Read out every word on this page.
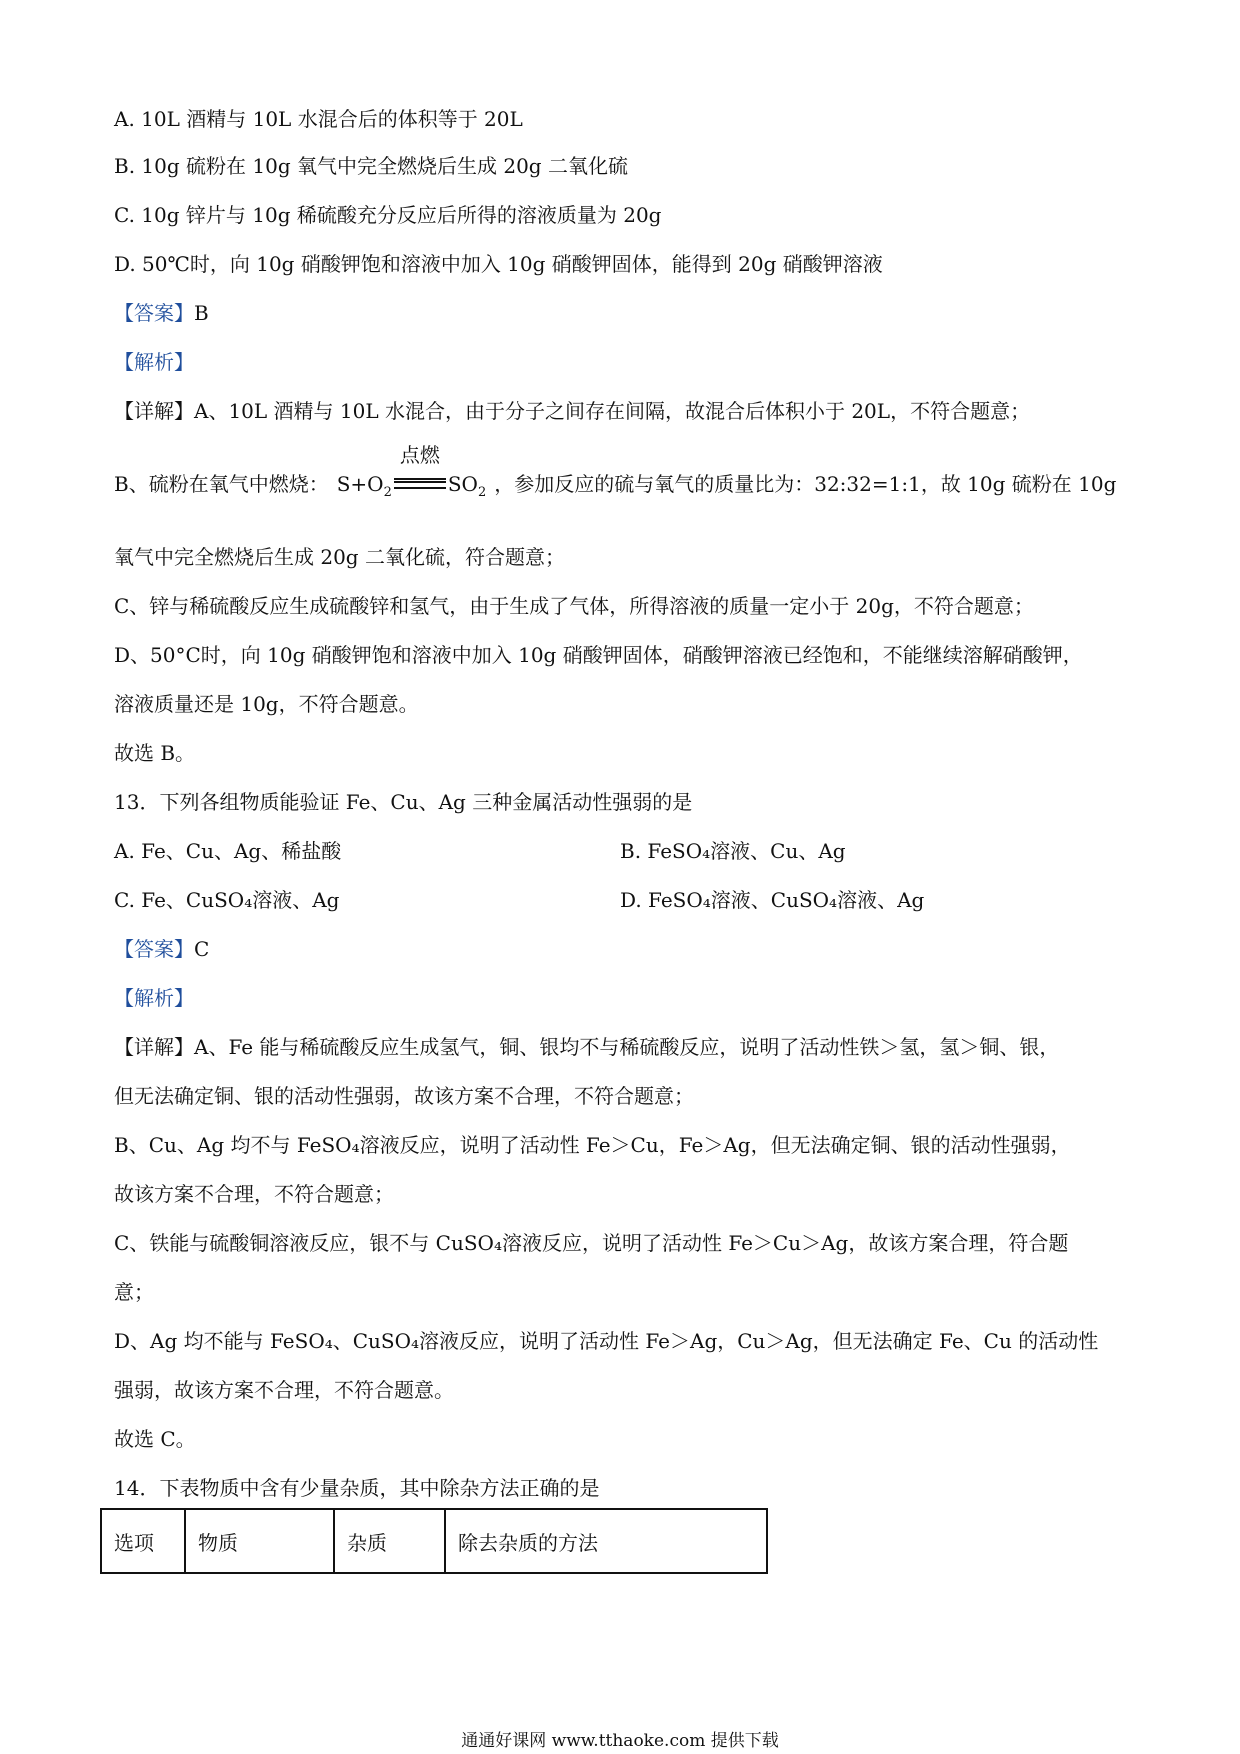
A. 10L 酒精与 10L 水混合后的体积等于 20L
B. 10g 硫粉在 10g 氧气中完全燃烧后生成 20g 二氧化硫
C. 10g 锌片与 10g 稀硫酸充分反应后所得的溶液质量为 20g
D. 50℃时，向 10g 硝酸钾饱和溶液中加入 10g 硝酸钾固体，能得到 20g 硝酸钾溶液
【答案】B
【解析】
【详解】A、10L 酒精与 10L 水混合，由于分子之间存在间隔，故混合后体积小于 20L，不符合题意；
B、硫粉在氧气中燃烧： $S+O_2$
点燃
$SO_2$ ，参加反应的硫与氧气的质量比为：32:32=1:1，故 10g 硫粉在 10g
氧气中完全燃烧后生成 20g 二氧化硫，符合题意；
C、锌与稀硫酸反应生成硫酸锌和氢气，由于生成了气体，所得溶液的质量一定小于 20g，不符合题意；
D、50°C时，向 10g 硝酸钾饱和溶液中加入 10g 硝酸钾固体，硝酸钾溶液已经饱和，不能继续溶解硝酸钾，
溶液质量还是 10g，不符合题意。
故选 B。
13．下列各组物质能验证 Fe、Cu、Ag 三种金属活动性强弱的是
A. Fe、Cu、Ag、稀盐酸	B. FeSO₄溶液、Cu、Ag
C. Fe、CuSO₄溶液、Ag	D. FeSO₄溶液、CuSO₄溶液、Ag
【答案】C
【解析】
【详解】A、Fe 能与稀硫酸反应生成氢气，铜、银均不与稀硫酸反应，说明了活动性铁＞氢，氢＞铜、银，
但无法确定铜、银的活动性强弱，故该方案不合理，不符合题意；
B、Cu、Ag 均不与 FeSO₄溶液反应，说明了活动性 Fe＞Cu，Fe＞Ag，但无法确定铜、银的活动性强弱，
故该方案不合理，不符合题意；
C、铁能与硫酸铜溶液反应，银不与 CuSO₄溶液反应，说明了活动性 Fe＞Cu＞Ag，故该方案合理，符合题
意；
D、Ag 均不能与 FeSO₄、CuSO₄溶液反应，说明了活动性 Fe＞Ag，Cu＞Ag，但无法确定 Fe、Cu 的活动性
强弱，故该方案不合理，不符合题意。
故选 C。
14．下表物质中含有少量杂质，其中除杂方法正确的是
选项	物质	杂质	除去杂质的方法
通通好课网 www.tthaoke.com 提供下载
